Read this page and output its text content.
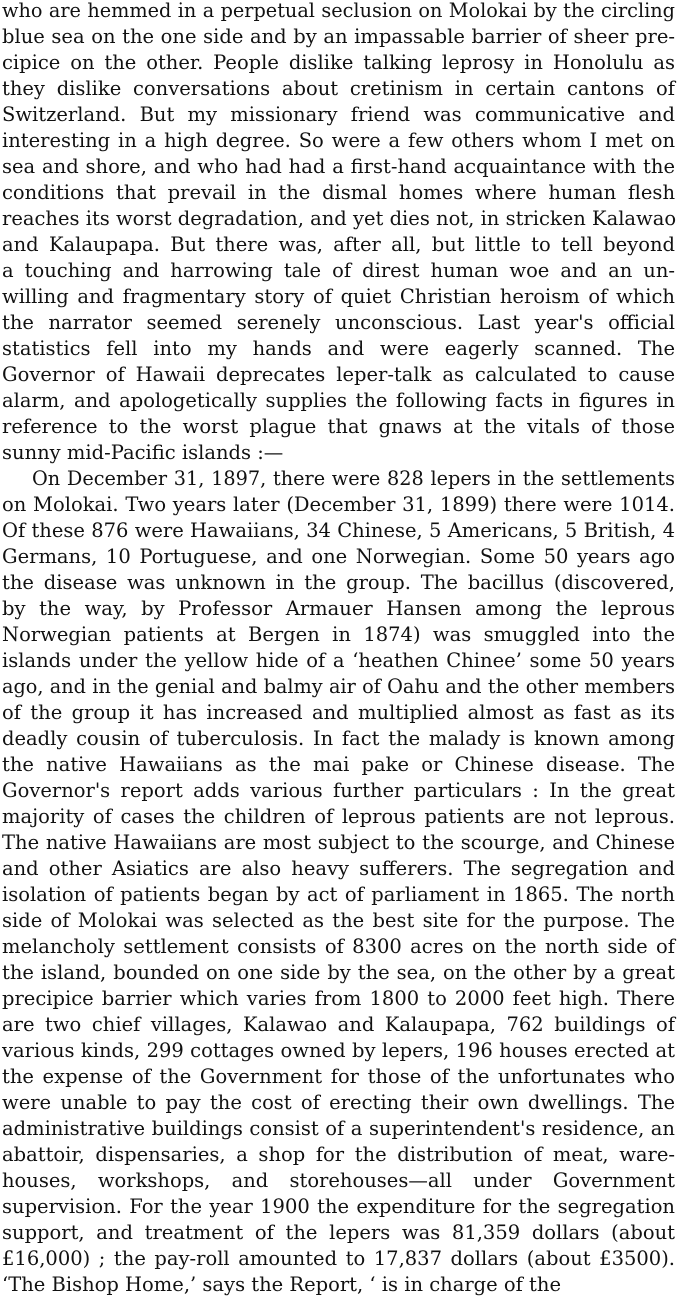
who are hemmed in a perpetual seclusion on Molokai by the circling
blue sea on the one side and by an impassable barrier of sheer pre-
cipice on the other. People dislike talking leprosy in Honolulu as
they dislike conversations about cretinism in certain cantons of
Switzerland. But my missionary friend was communicative and
interesting in a high degree. So were a few others whom I met on
sea and shore, and who had had a first-hand acquaintance with the
conditions that prevail in the dismal homes where human flesh
reaches its worst degradation, and yet dies not, in stricken Kalawao
and Kalaupapa. But there was, after all, but little to tell beyond
a touching and harrowing tale of direst human woe and an un-
willing and fragmentary story of quiet Christian heroism of which
the narrator seemed serenely unconscious. Last year's official
statistics fell into my hands and were eagerly scanned. The
Governor of Hawaii deprecates leper-talk as calculated to cause
alarm, and apologetically supplies the following facts in figures in
reference to the worst plague that gnaws at the vitals of those
sunny mid-Pacific islands :—
On December 31, 1897, there were 828 lepers in the settlements
on Molokai. Two years later (December 31, 1899) there were 1014.
Of these 876 were Hawaiians, 34 Chinese, 5 Americans, 5 British, 4
Germans, 10 Portuguese, and one Norwegian. Some 50 years ago
the disease was unknown in the group. The bacillus (discovered,
by the way, by Professor Armauer Hansen among the leprous
Norwegian patients at Bergen in 1874) was smuggled into the
islands under the yellow hide of a ‘heathen Chinee’ some 50 years
ago, and in the genial and balmy air of Oahu and the other members
of the group it has increased and multiplied almost as fast as its
deadly cousin of tuberculosis. In fact the malady is known among
the native Hawaiians as the mai pake or Chinese disease. The
Governor's report adds various further particulars : In the great
majority of cases the children of leprous patients are not leprous.
The native Hawaiians are most subject to the scourge, and Chinese
and other Asiatics are also heavy sufferers. The segregation and
isolation of patients began by act of parliament in 1865. The north
side of Molokai was selected as the best site for the purpose. The
melancholy settlement consists of 8300 acres on the north side of
the island, bounded on one side by the sea, on the other by a great
precipice barrier which varies from 1800 to 2000 feet high. There
are two chief villages, Kalawao and Kalaupapa, 762 buildings of
various kinds, 299 cottages owned by lepers, 196 houses erected at
the expense of the Government for those of the unfortunates who
were unable to pay the cost of erecting their own dwellings. The
administrative buildings consist of a superintendent's residence, an
abattoir, dispensaries, a shop for the distribution of meat, ware-
houses, workshops, and storehouses—all under Government
supervision. For the year 1900 the expenditure for the segregation
support, and treatment of the lepers was 81,359 dollars (about
£16,000) ; the pay-roll amounted to 17,837 dollars (about £3500).
‘The Bishop Home,’ says the Report, ‘ is in charge of the
